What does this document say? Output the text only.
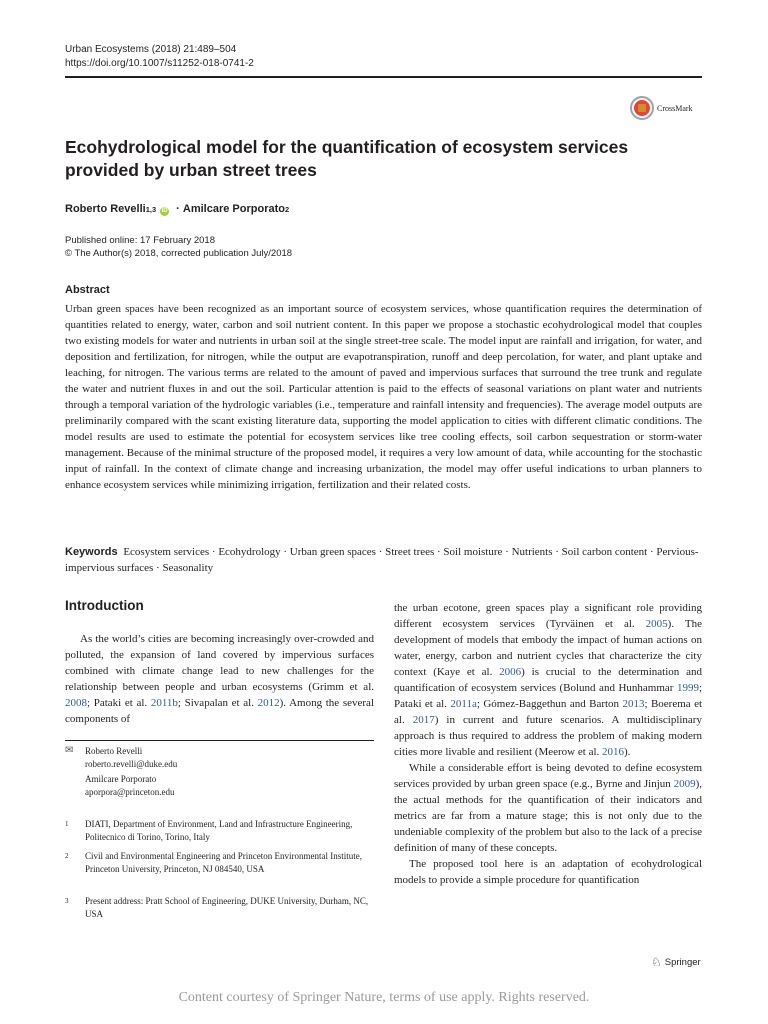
Urban Ecosystems (2018) 21:489–504
https://doi.org/10.1007/s11252-018-0741-2
CrossMark
Ecohydrological model for the quantification of ecosystem services provided by urban street trees
Roberto Revelli 1,3 iD · Amilcare Porporato 2
Published online: 17 February 2018
© The Author(s) 2018, corrected publication July/2018
Abstract
Urban green spaces have been recognized as an important source of ecosystem services, whose quantification requires the determination of quantities related to energy, water, carbon and soil nutrient content. In this paper we propose a stochastic ecohydrological model that couples two existing models for water and nutrients in urban soil at the single street-tree scale. The model input are rainfall and irrigation, for water, and deposition and fertilization, for nitrogen, while the output are evapotranspiration, runoff and deep percolation, for water, and plant uptake and leaching, for nitrogen. The various terms are related to the amount of paved and impervious surfaces that surround the tree trunk and regulate the water and nutrient fluxes in and out the soil. Particular attention is paid to the effects of seasonal variations on plant water and nutrients through a temporal variation of the hydrologic variables (i.e., temperature and rainfall intensity and frequencies). The average model outputs are preliminarily compared with the scant existing literature data, supporting the model application to cities with different climatic conditions. The model results are used to estimate the potential for ecosystem services like tree cooling effects, soil carbon sequestration or storm-water management. Because of the minimal structure of the proposed model, it requires a very low amount of data, while accounting for the stochastic input of rainfall. In the context of climate change and increasing urbanization, the model may offer useful indications to urban planners to enhance ecosystem services while minimizing irrigation, fertilization and their related costs.
Keywords Ecosystem services · Ecohydrology · Urban green spaces · Street trees · Soil moisture · Nutrients · Soil carbon content · Pervious-impervious surfaces · Seasonality
Introduction
As the world’s cities are becoming increasingly over-crowded and polluted, the expansion of land covered by impervious surfaces combined with climate change lead to new challenges for the relationship between people and urban ecosystems (Grimm et al. 2008; Pataki et al. 2011b; Sivapalan et al. 2012). Among the several components of
the urban ecotone, green spaces play a significant role providing different ecosystem services (Tyrväinen et al. 2005). The development of models that embody the impact of human actions on water, energy, carbon and nutrient cycles that characterize the city context (Kaye et al. 2006) is crucial to the determination and quantification of ecosystem services (Bolund and Hunhammar 1999; Pataki et al. 2011a; Gómez-Baggethun and Barton 2013; Boerema et al. 2017) in current and future scenarios. A multidisciplinary approach is thus required to address the problem of making modern cities more livable and resilient (Meerow et al. 2016).
While a considerable effort is being devoted to define ecosystem services provided by urban green space (e.g., Byrne and Jinjun 2009), the actual methods for the quantification of their indicators and metrics are far from a mature stage; this is not only due to the undeniable complexity of the problem but also to the lack of a precise definition of many of these concepts.
The proposed tool here is an adaptation of ecohydrological models to provide a simple procedure for quantification
✉ Roberto Revelli
roberto.revelli@duke.edu
Amilcare Porporato
aporpora@princeton.edu
1 DIATI, Department of Environment, Land and Infrastructure Engineering, Politecnico di Torino, Torino, Italy
2 Civil and Environmental Engineering and Princeton Environmental Institute, Princeton University, Princeton, NJ 084540, USA
3 Present address: Pratt School of Engineering, DUKE University, Durham, NC, USA
♘ Springer
Content courtesy of Springer Nature, terms of use apply. Rights reserved.
